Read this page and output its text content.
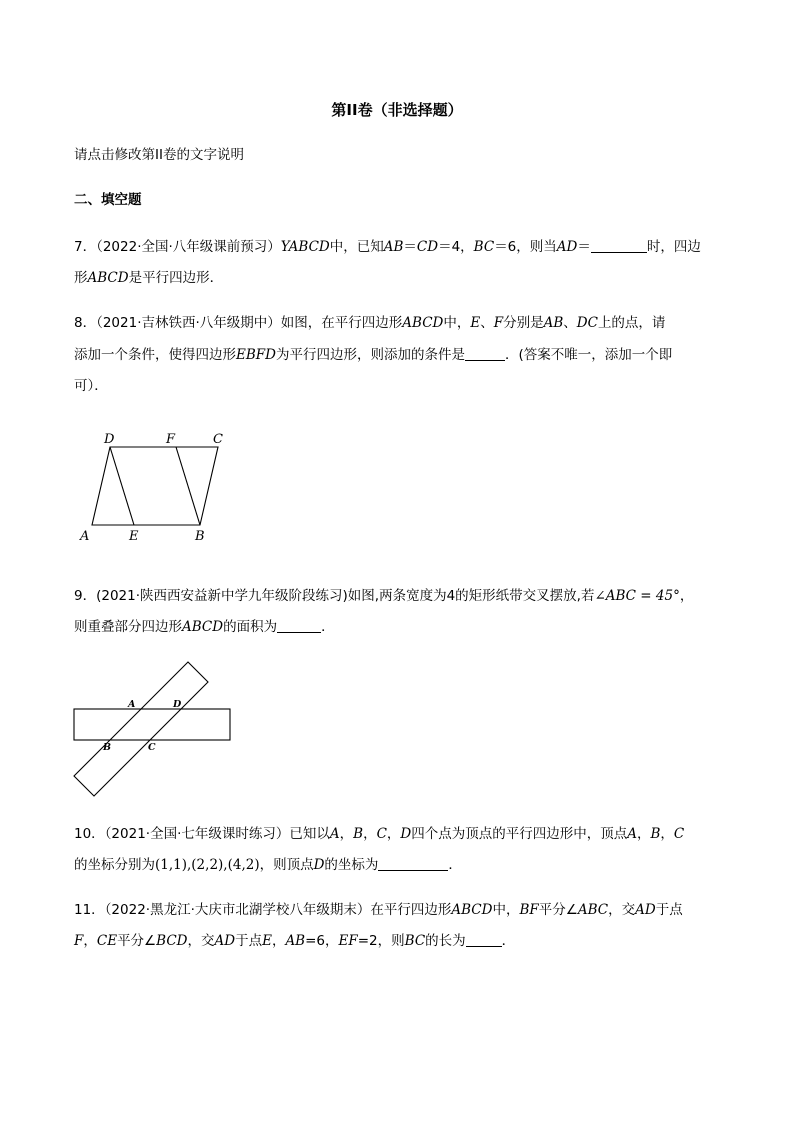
第II卷（非选择题）
请点击修改第II卷的文字说明
二、填空题
7．（2022·全国·八年级课前预习）YABCD中，已知AB＝CD＝4，BC＝6，则当AD＝	时，四边
形ABCD是平行四边形．
8．（2021·吉林铁西·八年级期中）如图，在平行四边形ABCD中，E、F分别是AB、DC上的点，请
添加一个条件，使得四边形EBFD为平行四边形，则添加的条件是	．(答案不唯一，添加一个即
可）．
D	F	C
A	E	B
9．(2021·陕西西安益新中学九年级阶段练习)如图,两条宽度为4的矩形纸带交叉摆放,若∠ABC = 45°，
则重叠部分四边形ABCD的面积为	．
A	D
B	C
10．（2021·全国·七年级课时练习）已知以A，B，C，D四个点为顶点的平行四边形中，顶点A，B，C
的坐标分别为(1,1),(2,2),(4,2)，则顶点D的坐标为	．
11．（2022·黑龙江·大庆市北湖学校八年级期末）在平行四边形ABCD中，BF平分∠ABC，交AD于点
F，CE平分∠BCD，交AD于点E，AB=6，EF=2，则BC的长为	．
